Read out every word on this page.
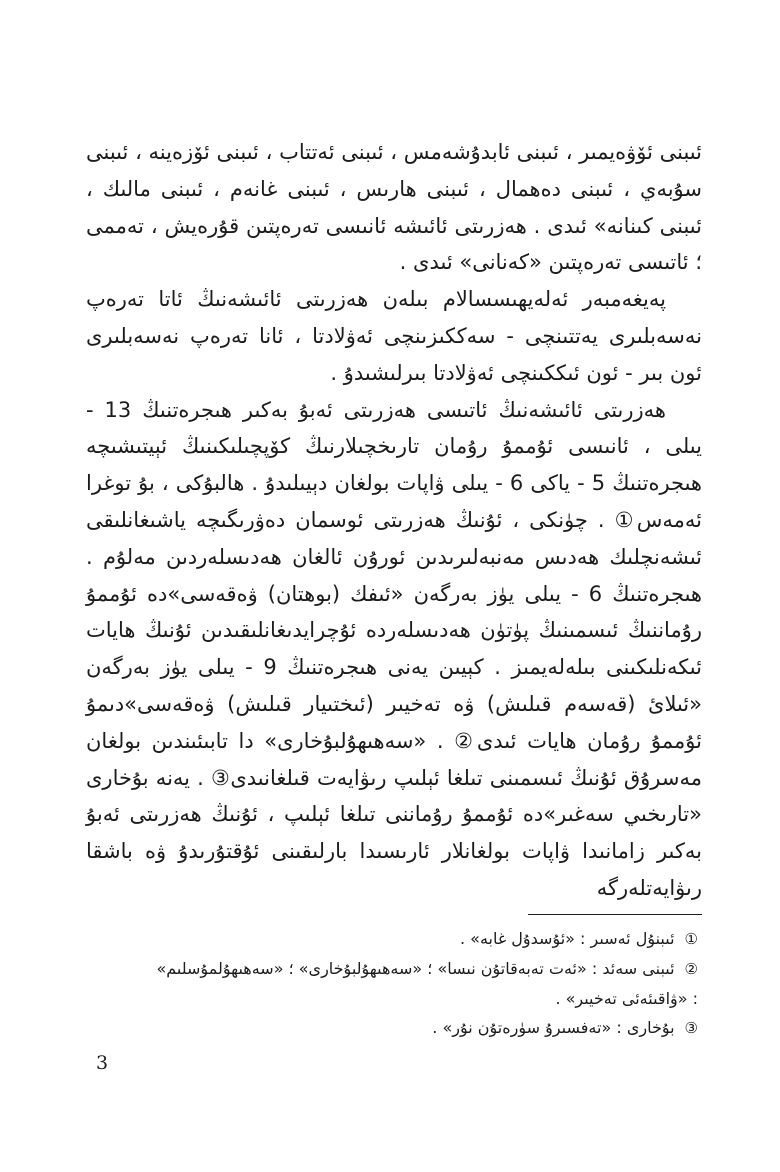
ئىبنى ئۆۋەيمىر ، ئىبنى ئابدۇشەمس ، ئىبنى ئەتتاب ، ئىبنى ئۆزەينە ، ئىبنى سۇبەي ، ئىبنى دەھمال ، ئىبنى ھارىس ، ئىبنى غانەم ، ئىبنى مالىك ، ئىبنى كىنانە» ئىدى . ھەزرىتى ئائىشە ئانىسى تەرەپتىن قۇرەيش ، تەممى ؛ ئاتىسى تەرەپتىن «كەنانى» ئىدى .

پەيغەمبەر ئەلەيھىسسالام بىلەن ھەزرىتى ئائىشەنىڭ ئاتا تەرەپ نەسەبلىرى يەتتىنچى - سەككىزىنچى ئەۋلادتا ، ئانا تەرەپ نەسەبلىرى ئون بىر - ئون ئىككىنچى ئەۋلادتا بىرلىشىدۇ .

ھەزرىتى ئائىشەنىڭ ئاتىسى ھەزرىتى ئەبۇ بەكىر ھىجرەتنىڭ 13 - يىلى ، ئانىسى ئۇممۇ رۇمان تارىخچىلارنىڭ كۆپچىلىكىنىڭ ئېيتىشىچە ھىجرەتنىڭ 5 - ياكى 6 - يىلى ۋاپات بولغان دېيىلىدۇ . ھالبۇكى ، بۇ توغرا ئەمەس① . چۈنكى ، ئۇنىڭ ھەزرىتى ئوسمان دەۋرىگىچە ياشىغانلىقى ئىشەنچلىك ھەدىس مەنبەلىرىدىن ئورۇن ئالغان ھەدىسلەردىن مەلۇم . ھىجرەتنىڭ 6 - يىلى يۈز بەرگەن «ئىفك (بوھتان) ۋەقەسى»دە ئۇممۇ رۇماننىڭ ئىسمىنىڭ پۈتۈن ھەدىسلەردە ئۇچرايدىغانلىقىدىن ئۇنىڭ ھايات ئىكەنلىكىنى بىلەلەيمىز . كېيىن يەنى ھىجرەتنىڭ 9 - يىلى يۈز بەرگەن «ئىلائ (قەسەم قىلىش) ۋە تەخيىر (ئىختىيار قىلىش) ۋەقەسى»دىمۇ ئۇممۇ رۇمان ھايات ئىدى② . «سەھىھۇلبۇخارى» دا تابىئىندىن بولغان مەسرۇق ئۇنىڭ ئىسمىنى تىلغا ئېلىپ رىۋايەت قىلغانىدى③ . يەنە بۇخارى «تارىخىي سەغىر»دە ئۇممۇ رۇماننى تىلغا ئېلىپ ، ئۇنىڭ ھەزرىتى ئەبۇ بەكىر زامانىدا ۋاپات بولغانلار ئارىسىدا بارلىقىنى ئۇقتۇرىدۇ ۋە باشقا رىۋايەتلەرگە

①ئىبنۇل ئەسىر : «ئۇسدۇل غابە» .

②ئىبنى سەئد : «ئەت تەبەقاتۇن نىسا» ؛ «سەھىھۇلبۇخارى» ؛ «سەھىھۇلمۇسلىم» : «ۋاقىئەئى تەخيىر» .

③بۇخارى : «تەفسىرۇ سۈرەتۇن نۇر» .

3
